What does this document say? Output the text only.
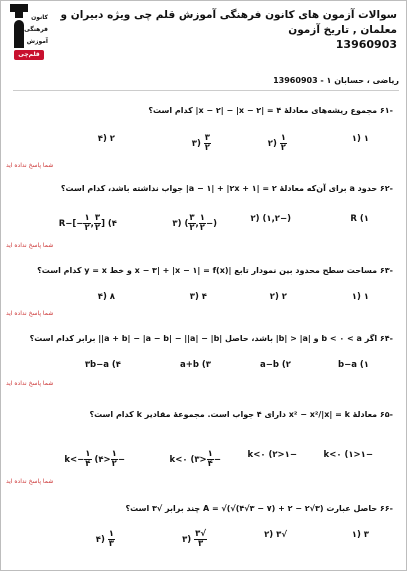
کانون
فرهنگی
آموزش
قلم‌چی
سوالات آزمون های کانون فرهنگی آموزش قلم چی ویژه دبیران و معلمان , تاریخ آزمون
13960903
ریاضی ، حسابان ۱ - 13960903
-۶۱ مجموع ریشه‌های معادلهٔ ۴ = |x − ۲| − |x − ۲| کدام است؟
۱ (۱
$\frac{۱}{۲}$
(۲
$\frac{۳}{۲}$
(۳
۲ (۴
شما پاسخ نداده اید
-۶۲ حدود a برای آن‌که معادلهٔ ۲ = |a − ۱| + |۲x + ۱| جواب نداشته باشد، کدام است؟
R (۱
(−۱,۲) (۲
(−
$\frac{۱}{۲}$
,
$\frac{۳}{۲}$
) (۳
$R-[- \frac{۱}{۲}$ , $\frac{۳}{۲}$ ] (۴
شما پاسخ نداده اید
-۶۳ مساحت سطح محدود بین نمودار تابع |x − ۳| + |x − ۱| = f(x) و خط y = x کدام است؟
۱ (۱
۲ (۲
۴ (۳
۸ (۴
شما پاسخ نداده اید
-۶۴ اگر b < ۰ < a و |b| > |a| باشد، حاصل |a + b| − |a − b| − ||a| − |b|| برابر کدام است؟
b−a (۱
a−b (۲
a+b (۳
۳b−a (۴
شما پاسخ نداده اید
-۶۵ معادلهٔ x² − x²/|x| = k دارای ۴ جواب است. مجموعهٔ مقادیر k کدام است؟
−۱<k<۰ (۱
−۱<k<۰ (۲
−
$\frac{۱}{۴}$
<k<۰ (۳
−
$\frac{۱}{۲}$
<k<−
$\frac{۱}{۴}$ (۴
شما پاسخ نداده اید
-۶۶ حاصل عبارت A = √(√(۴√۳ − ۷) + ۲ − ۲√۳) چند برابر √۳ است؟
۳ (۱
√۳ (۲
$\frac{√۳}{۳}$
(۳
$\frac{۱}{۳}$
(۴
